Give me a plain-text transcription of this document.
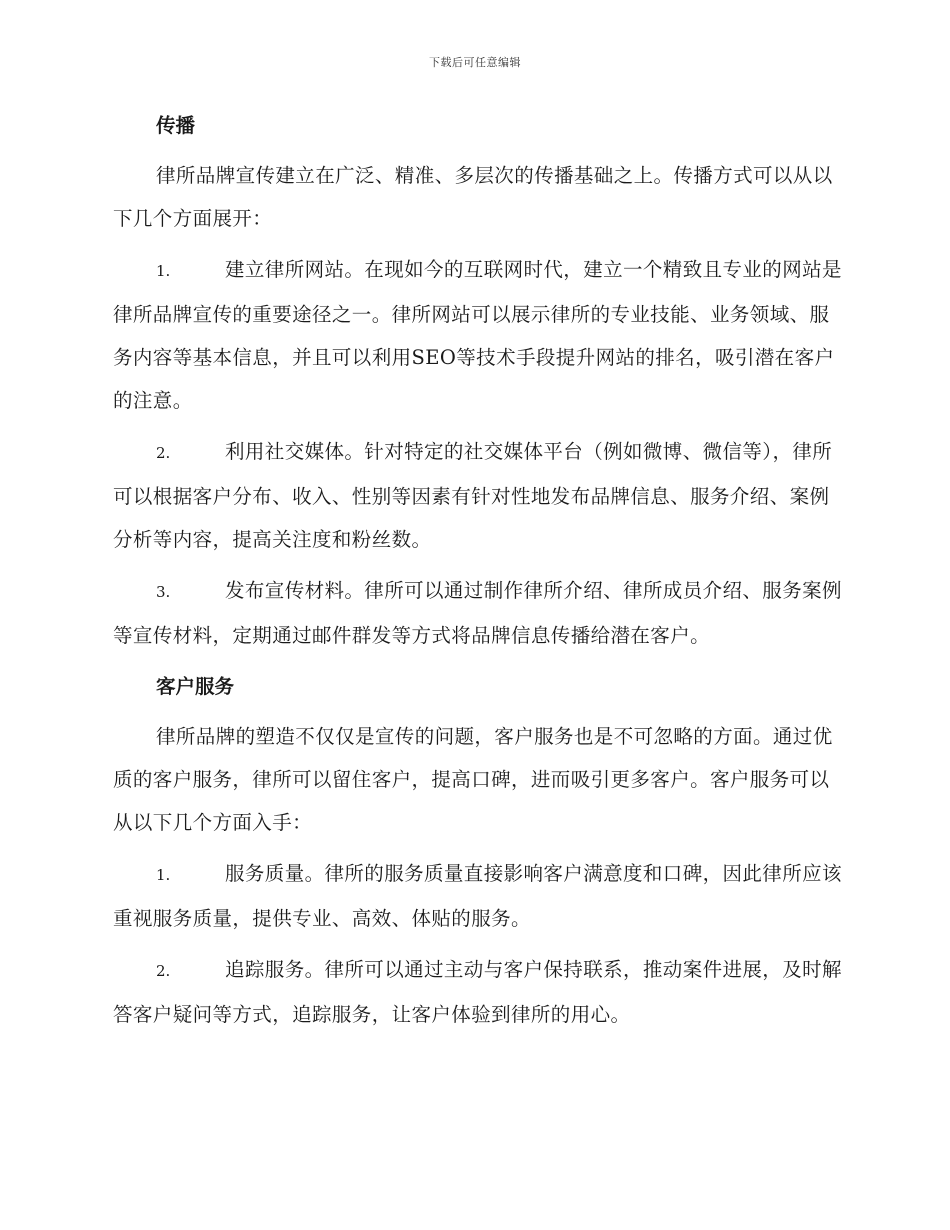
下载后可任意编辑
传播

律所品牌宣传建立在广泛、精准、多层次的传播基础之上。传播方式可以从以下几个方面展开：

1.	建立律所网站。在现如今的互联网时代，建立一个精致且专业的网站是律所品牌宣传的重要途径之一。律所网站可以展示律所的专业技能、业务领域、服务内容等基本信息，并且可以利用SEO等技术手段提升网站的排名，吸引潜在客户的注意。

2.	利用社交媒体。针对特定的社交媒体平台（例如微博、微信等），律所可以根据客户分布、收入、性别等因素有针对性地发布品牌信息、服务介绍、案例分析等内容，提高关注度和粉丝数。

3.	发布宣传材料。律所可以通过制作律所介绍、律所成员介绍、服务案例等宣传材料，定期通过邮件群发等方式将品牌信息传播给潜在客户。

客户服务

律所品牌的塑造不仅仅是宣传的问题，客户服务也是不可忽略的方面。通过优质的客户服务，律所可以留住客户，提高口碑，进而吸引更多客户。客户服务可以从以下几个方面入手：

1.	服务质量。律所的服务质量直接影响客户满意度和口碑，因此律所应该重视服务质量，提供专业、高效、体贴的服务。

2.	追踪服务。律所可以通过主动与客户保持联系，推动案件进展，及时解答客户疑问等方式，追踪服务，让客户体验到律所的用心。
